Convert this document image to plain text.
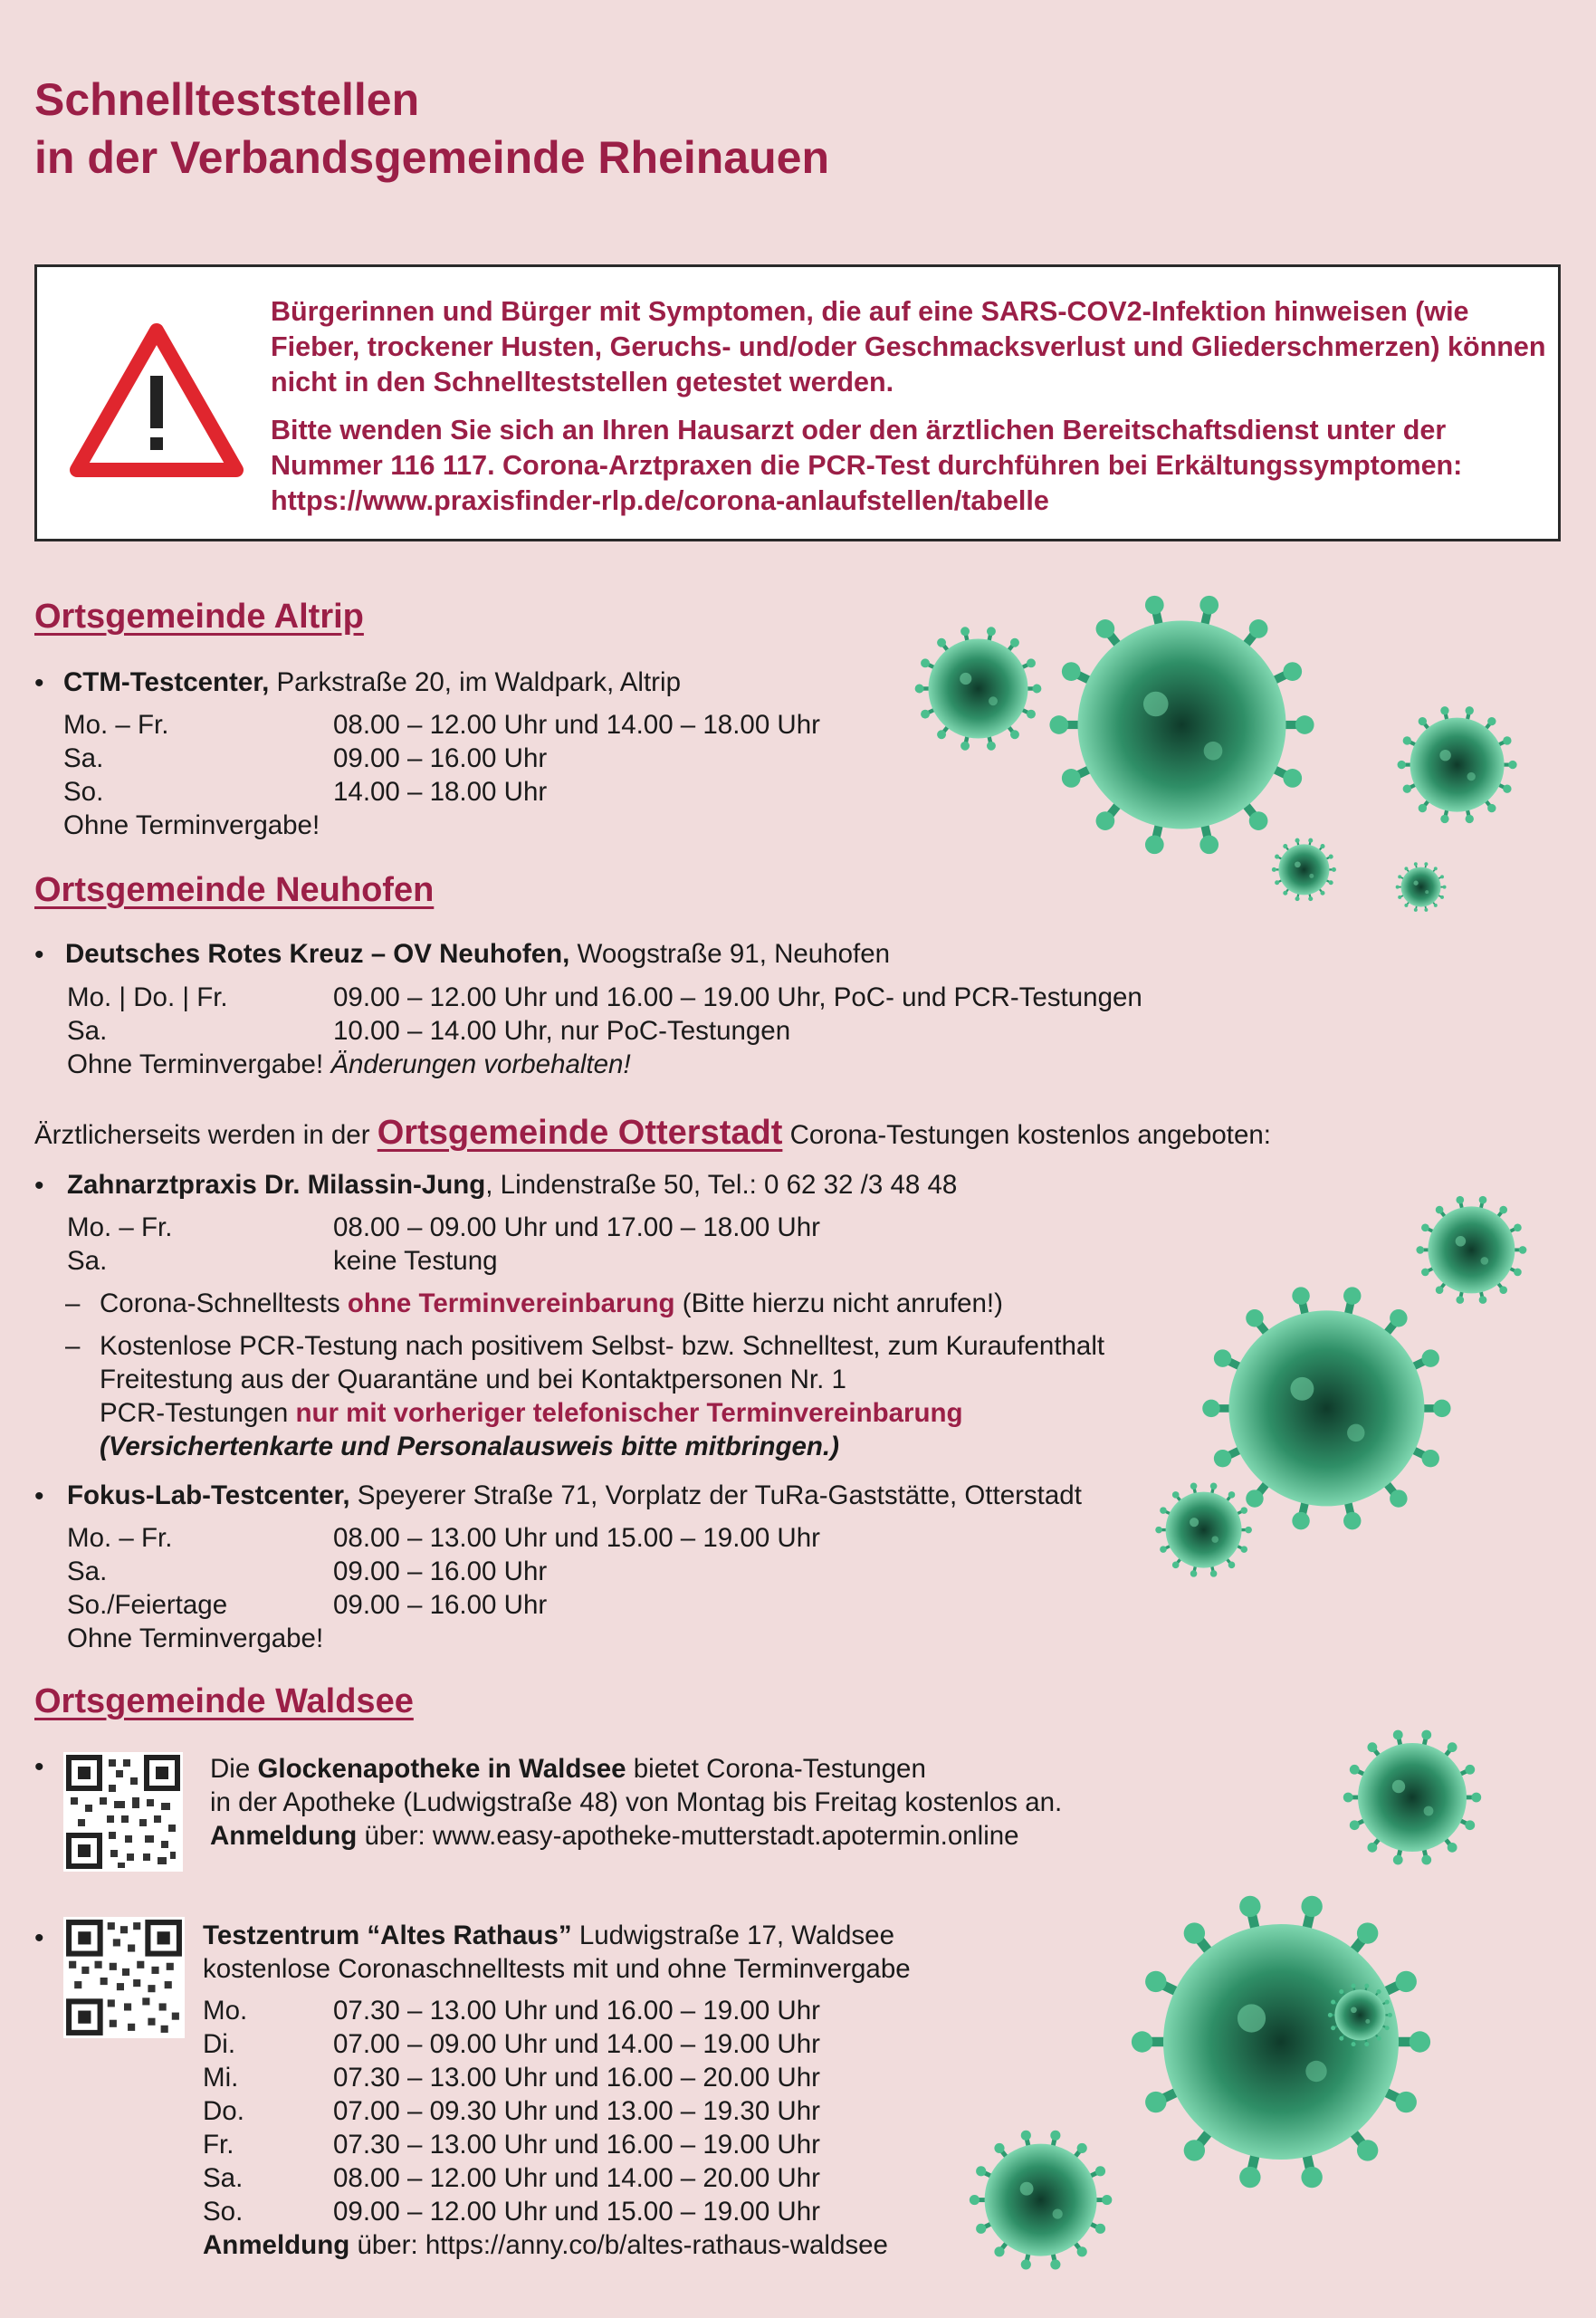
Schnellteststellen
in der Verbandsgemeinde Rheinauen

Bürgerinnen und Bürger mit Symptomen, die auf eine SARS-COV2-Infektion hinweisen (wie Fieber, trockener Husten, Geruchs- und/oder Geschmacksverlust und Gliederschmerzen) können nicht in den Schnellteststellen getestet werden.

Bitte wenden Sie sich an Ihren Hausarzt oder den ärztlichen Bereitschaftsdienst unter der Nummer 116 117. Corona-Arztpraxen die PCR-Test durchführen bei Erkältungssymptomen: https://www.praxisfinder-rlp.de/corona-anlaufstellen/tabelle

Ortsgemeinde Altrip
• CTM-Testcenter, Parkstraße 20, im Waldpark, Altrip
Mo. – Fr.	08.00 – 12.00 Uhr und 14.00 – 18.00 Uhr
Sa.	09.00 – 16.00 Uhr
So.	14.00 – 18.00 Uhr
Ohne Terminvergabe!
Ortsgemeinde Neuhofen
• Deutsches Rotes Kreuz – OV Neuhofen, Woogstraße 91, Neuhofen
Mo. | Do. | Fr.	09.00 – 12.00 Uhr und 16.00 – 19.00 Uhr, PoC- und PCR-Testungen
Sa.	10.00 – 14.00 Uhr, nur PoC-Testungen
Ohne Terminvergabe! Änderungen vorbehalten!
Ärztlicherseits werden in der Ortsgemeinde Otterstadt Corona-Testungen kostenlos angeboten:
• Zahnarztpraxis Dr. Milassin-Jung, Lindenstraße 50, Tel.: 0 62 32 /3 48 48
Mo. – Fr.	08.00 – 09.00 Uhr und 17.00 – 18.00 Uhr
Sa.	keine Testung
– Corona-Schnelltests ohne Terminvereinbarung (Bitte hierzu nicht anrufen!)
– Kostenlose PCR-Testung nach positivem Selbst- bzw. Schnelltest, zum Kuraufenthalt
Freitestung aus der Quarantäne und bei Kontaktpersonen Nr. 1
PCR-Testungen nur mit vorheriger telefonischer Terminvereinbarung
(Versichertenkarte und Personalausweis bitte mitbringen.)
• Fokus-Lab-Testcenter, Speyerer Straße 71, Vorplatz der TuRa-Gaststätte, Otterstadt
Mo. – Fr.	08.00 – 13.00 Uhr und 15.00 – 19.00 Uhr
Sa.	09.00 – 16.00 Uhr
So./Feiertage	09.00 – 16.00 Uhr
Ohne Terminvergabe!
Ortsgemeinde Waldsee
•	Die Glockenapotheke in Waldsee bietet Corona-Testungen
in der Apotheke (Ludwigstraße 48) von Montag bis Freitag kostenlos an.
Anmeldung über: www.easy-apotheke-mutterstadt.apotermin.online
•	Testzentrum “Altes Rathaus” Ludwigstraße 17, Waldsee
kostenlose Coronaschnelltests mit und ohne Terminvergabe
Mo.	07.30 – 13.00 Uhr und 16.00 – 19.00 Uhr
Di.	07.00 – 09.00 Uhr und 14.00 – 19.00 Uhr
Mi.	07.30 – 13.00 Uhr und 16.00 – 20.00 Uhr
Do.	07.00 – 09.30 Uhr und 13.00 – 19.30 Uhr
Fr.	07.30 – 13.00 Uhr und 16.00 – 19.00 Uhr
Sa.	08.00 – 12.00 Uhr und 14.00 – 20.00 Uhr
So.	09.00 – 12.00 Uhr und 15.00 – 19.00 Uhr
Anmeldung über: https://anny.co/b/altes-rathaus-waldsee
